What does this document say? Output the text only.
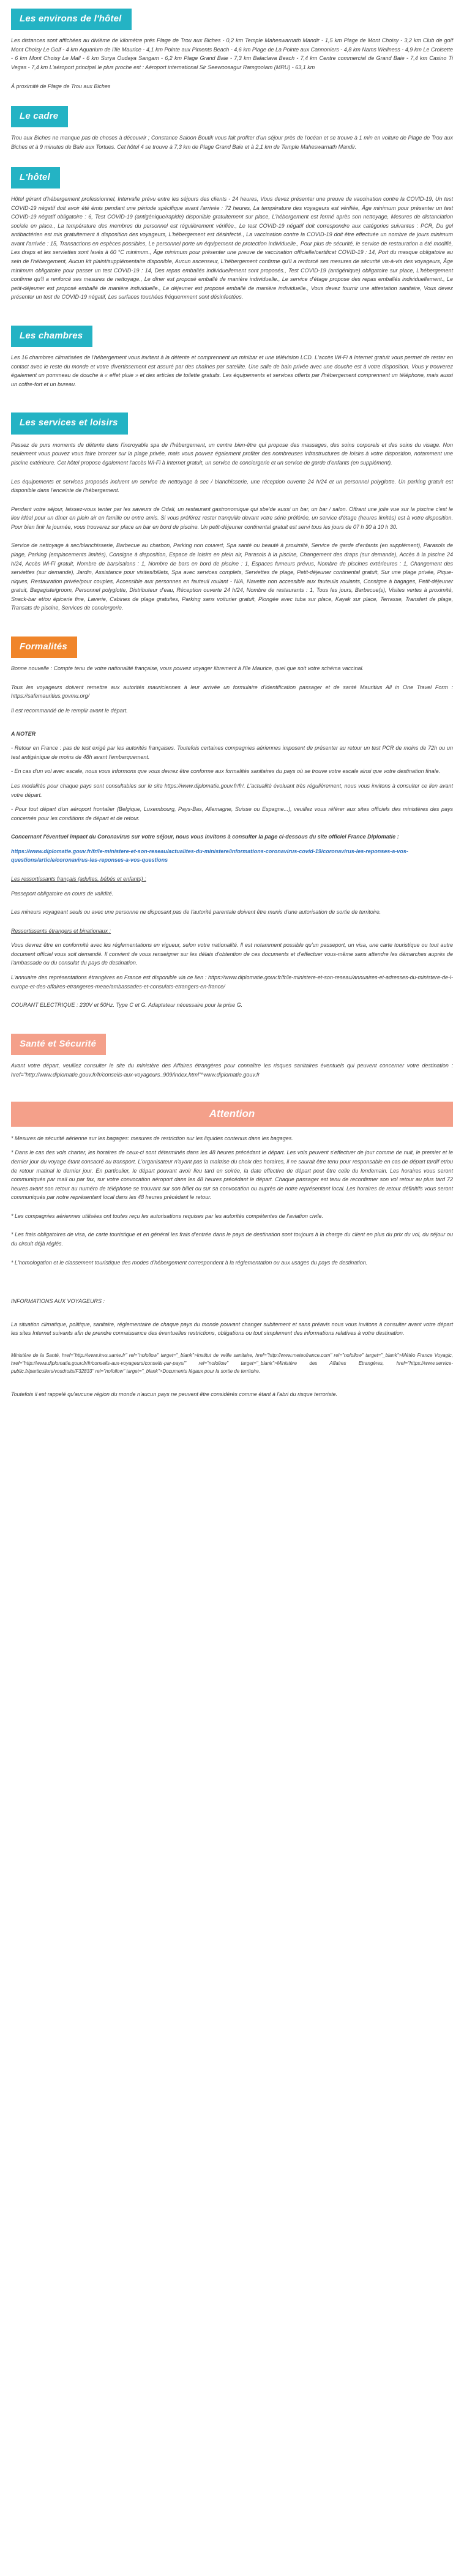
Les environs de l'hôtel

Les distances sont affichées au divième de kilomètre prés Plage de Trou aux Biches - 0,2 km Temple Maheswarnath Mandir - 1,5 km Plage de Mont Choisy - 3,2 km Club de golf Mont Choisy Le Golf - 4 km Aquarium de l'Ile Maurice - 4,1 km Pointe aux Piments Beach - 4,6 km Plage de La Pointe aux Cannoniers - 4,8 km Nams Wellness - 4,9 km Le Croisette - 6 km Mont Choisy Le Mall - 6 km Surya Oudaya Sangam - 6,2 km Plage Grand Baie - 7,3 km Balaclava Beach - 7,4 km Centre commercial de Grand Baie - 7,4 km Casino Ti Vegas - 7,4 km L'aéroport principal le plus proche est : Aéroport international Sir Seewoosagur Ramgoolam (MRU) - 63,1 km

À proximité de Plage de Trou aux Biches

Le cadre

Trou aux Biches ne manque pas de choses à découvrir ; Constance Saloon Boutik vous fait profiter d'un séjour près de l'océan et se trouve à 1 min en voiture de Plage de Trou aux Biches et à 9 minutes de Baie aux Tortues. Cet hôtel 4 se trouve à 7,3 km de Plage Grand Baie et à 2,1 km de Temple Maheswarnath Mandir.

L'hôtel

Hôtel gérant d'hébergement professionnel, Intervalle prévu entre les séjours des clients - 24 heures, Vous devez présenter une preuve de vaccination contre la COVID-19, Un test COVID-19 négatif doit avoir été émis pendant une période spécifique avant l'arrivée : 72 heures, La température des voyageurs est vérifiée, Âge minimum pour présenter un test COVID-19 négatif obligatoire : 6, Test COVID-19 (antigénique/rapide) disponible gratuitement sur place, L'hébergement est fermé après son nettoyage, Mesures de distanciation sociale en place., La température des membres du personnel est régulièrement vérifiée., Le test COVID-19 négatif doit correspondre aux catégories suivantes : PCR, Du gel antibactérien est mis gratuitement à disposition des voyageurs, L'hébergement est désinfecté., La vaccination contre la COVID-19 doit être effectuée un nombre de jours minimum avant l'arrivée : 15, Transactions en espèces possibles, Le personnel porte un équipement de protection individuelle., Pour plus de sécurité, le service de restauration a été modifié, Les draps et les serviettes sont lavés à 60 °C minimum., Âge minimum pour présenter une preuve de vaccination officielle/certificat COVID-19 : 14, Port du masque obligatoire au sein de l'hébergement, Aucun kit plaint/supplémentaire disponible, Aucun ascenseur, L'hébergement confirme qu'il a renforcé ses mesures de sécurité vis-à-vis des voyageurs, Âge minimum obligatoire pour passer un test COVID-19 : 14, Des repas emballés individuellement sont proposés., Test COVID-19 (antigénique) obligatoire sur place, L'hébergement confirme qu'il a renforcé ses mesures de nettoyage., Le dîner est proposé emballé de manière individuelle., Le service d'étage propose des repas emballés individuellement., Le petit-déjeuner est proposé emballé de manière individuelle., Le déjeuner est proposé emballé de manière individuelle., Vous devez fournir une attestation sanitaire, Vous devez présenter un test de COVID-19 négatif, Les surfaces touchées fréquemment sont désinfectées.

Les chambres

Les 16 chambres climatisées de l'hébergement vous invitent à la détente et comprennent un minibar et une télévision LCD. L'accès Wi-Fi à Internet gratuit vous permet de rester en contact avec le reste du monde et votre divertissement est assuré par des chaînes par satellite. Une salle de bain privée avec une douche est à votre disposition. Vous y trouverez également un pommeau de douche à « effet pluie » et des articles de toilette gratuits. Les équipements et services offerts par l'hébergement comprennent un téléphone, mais aussi un coffre-fort et un bureau.

Les services et loisirs

Passez de purs moments de détente dans l'incroyable spa de l'hébergement, un centre bien-être qui propose des massages, des soins corporels et des soins du visage. Non seulement vous pouvez vous faire bronzer sur la plage privée, mais vous pouvez également profiter des nombreuses infrastructures de loisirs à votre disposition, notamment une piscine extérieure. Cet hôtel propose également l'accès Wi-Fi à Internet gratuit, un service de conciergerie et un service de garde d'enfants (en supplément).

Les équipements et services proposés incluent un service de nettoyage à sec / blanchisserie, une réception ouverte 24 h/24 et un personnel polyglotte. Un parking gratuit est disponible dans l'enceinte de l'hébergement.

Pendant votre séjour, laissez-vous tenter par les saveurs de Odali, un restaurant gastronomique qui sbe'de aussi un bar, un bar / salon. Offrant une jolie vue sur la piscine c'est le lieu idéal pour un dîner en plein air en famille ou entre amis. Si vous préférez rester tranquille devant votre série préférée, un service d'étage (heures limités) est à votre disposition. Pour bien finir la journée, vous trouverez sur place un bar en bord de piscine. Un petit-déjeuner continental gratuit est servi tous les jours de 07 h 30 à 10 h 30.

Service de nettoyage à sec/blanchisserie, Barbecue au charbon, Parking non couvert, Spa santé ou beauté à proximité, Service de garde d'enfants (en supplément), Parasols de plage, Parking (emplacements limités), Consigne à disposition, Espace de loisirs en plein air, Parasols à la piscine, Changement des draps (sur demande), Accès à la piscine 24 h/24, Accès Wi-Fi gratuit, Nombre de bars/salons : 1, Nombre de bars en bord de piscine : 1, Espaces fumeurs prévus, Nombre de piscines extérieures : 1, Changement des serviettes (sur demande), Jardin, Assistance pour visites/billets, Spa avec services complets, Serviettes de plage, Petit-déjeuner continental gratuit, Sur une plage privée, Pique-niques, Restauration privée/pour couples, Accessible aux personnes en fauteuil roulant - N/A, Navette non accessible aux fauteuils roulants, Consigne à bagages, Petit-déjeuner gratuit, Bagagiste/groom, Personnel polyglotte, Distributeur d'eau, Réception ouverte 24 h/24, Nombre de restaurants : 1, Tous les jours, Barbecue(s), Visites vertes à proximité, Snack-bar et/ou épicerie fine, Laverie, Cabines de plage gratuites, Parking sans voiturier gratuit, Plongée avec tuba sur place, Kayak sur place, Terrasse, Transfert de plage, Transats de piscine, Services de conciergerie.

Formalités

Bonne nouvelle : Compte tenu de votre nationalité française, vous pouvez voyager librement à l'île Maurice, quel que soit votre schéma vaccinal.

Tous les voyageurs doivent remettre aux autorités mauriciennes à leur arrivée un formulaire d'identification passager et de santé Mauritius All in One Travel Form : https://safemauritius.govmu.org/

Il est recommandé de le remplir avant le départ.

A NOTER

- Retour en France : pas de test exigé par les autorités françaises. Toutefois certaines compagnies aériennes imposent de présenter au retour un test PCR de moins de 72h ou un test antigénique de moins de 48h avant l'embarquement.

- En cas d'un vol avec escale, nous vous informons que vous devrez être conforme aux formalités sanitaires du pays où se trouve votre escale ainsi que votre destination finale.

Les modalités pour chaque pays sont consultables sur le site https://www.diplomatie.gouv.fr/fr/. L'actualité évoluant très régulièrement, nous vous invitons à consulter ce lien avant votre départ.

- Pour tout départ d'un aéroport frontalier (Belgique, Luxembourg, Pays-Bas, Allemagne, Suisse ou Espagne...), veuillez vous référer aux sites officiels des ministères des pays concernés pour les conditions de départ et de retour.

Concernant l'éventuel impact du Coronavirus sur votre séjour, nous vous invitons à consulter la page ci-dessous du site officiel France Diplomatie :

https://www.diplomatie.gouv.fr/fr/le-ministere-et-son-reseau/actualites-du-ministere/informations-coronavirus-covid-19/coronavirus-les-reponses-a-vos-questions/article/coronavirus-les-reponses-a-vos-questions

Les ressortissants français (adultes, bébés et enfants) :

Passeport obligatoire en cours de validité.

Les mineurs voyageant seuls ou avec une personne ne disposant pas de l'autorité parentale doivent être munis d'une autorisation de sortie de territoire.

Ressortissants étrangers et binationaux :

Vous devrez être en conformité avec les réglementations en vigueur, selon votre nationalité. Il est notamment possible qu'un passeport, un visa, une carte touristique ou tout autre document officiel vous soit demandé. Il convient de vous renseigner sur les délais d'obtention de ces documents et d'effectuer vous-même sans attendre les démarches auprès de l'ambassade ou du consulat du pays de destination.

L'annuaire des représentations étrangères en France est disponible via ce lien : https://www.diplomatie.gouv.fr/fr/le-ministere-et-son-reseau/annuaires-et-adresses-du-ministere-de-l-europe-et-des-affaires-etrangeres-meae/ambassades-et-consulats-etrangers-en-france/

COURANT ELECTRIQUE : 230V et 50Hz. Type C et G. Adaptateur nécessaire pour la prise G.

Santé et Sécurité

Avant votre départ, veuillez consulter le site du ministère des Affaires étrangères pour connaître les risques sanitaires éventuels qui peuvent concerner votre destination : href="http://www.diplomatie.gouv.fr/fr/conseils-aux-voyageurs_909/index.html"^www.diplomatie.gouv.fr

Attention

* Mesures de sécurité aérienne sur les bagages: mesures de restriction sur les liquides contenus dans les bagages.

* Dans le cas des vols charter, les horaires de ceux-ci sont déterminés dans les 48 heures précédant le départ. Les vols peuvent s'effectuer de jour comme de nuit, le premier et le dernier jour du voyage étant consacré au transport. L'organisateur n'ayant pas la maîtrise du choix des horaires, il ne saurait être tenu pour responsable en cas de départ tardif et/ou de retour matinal le dernier jour. En particulier, le départ pouvant avoir lieu tard en soirée, la date effective de départ peut être celle du lendemain. Les horaires vous seront communiqués par mail ou par fax, sur votre convocation aéroport dans les 48 heures précédant le départ. Chaque passager est tenu de reconfirmer son vol retour au plus tard 72 heures avant son retour au numéro de téléphone se trouvant sur son billet ou sur sa convocation ou auprès de notre représentant local. Les horaires de retour définitifs vous seront communiqués par notre représentant local dans les 48 heures précédant le retour.

* Les compagnies aériennes utilisées ont toutes reçu les autorisations requises par les autorités compétentes de l'aviation civile.

* Les frais obligatoires de visa, de carte touristique et en général les frais d'entrée dans le pays de destination sont toujours à la charge du client en plus du prix du vol, du séjour ou du circuit déjà réglés.

* L'homologation et le classement touristique des modes d'hébergement correspondent à la réglementation ou aux usages du pays de destination.

INFORMATIONS AUX VOYAGEURS :

La situation climatique, politique, sanitaire, réglementaire de chaque pays du monde pouvant changer subitement et sans préavis nous vous invitons à consulter avant votre départ les sites Internet suivants afin de prendre connaissance des éventuelles restrictions, obligations ou tout simplement des informations relatives à votre destination.

Ministère de la Santé, href="http://www.invs.sante.fr" rel="nofollow" target="_blank">Institut de veille sanitaire, href="http://www.meteofrance.com" rel="nofollow" target="_blank">Météo France Voyagic, href="http://www.diplomatie.gouv.fr/fr/conseils-aux-voyageurs/conseils-par-pays/" rel="nofollow" target="_blank">Ministère des Affaires Etrangères, href="https://www.service-public.fr/particuliers/vosdroits/F32833" rel="nofollow" target="_blank">Documents légaux pour la sortie de territoire.

Toutefois il est rappelé qu'aucune région du monde n'aucun pays ne peuvent être considérés comme étant à l'abri du risque terroriste.
